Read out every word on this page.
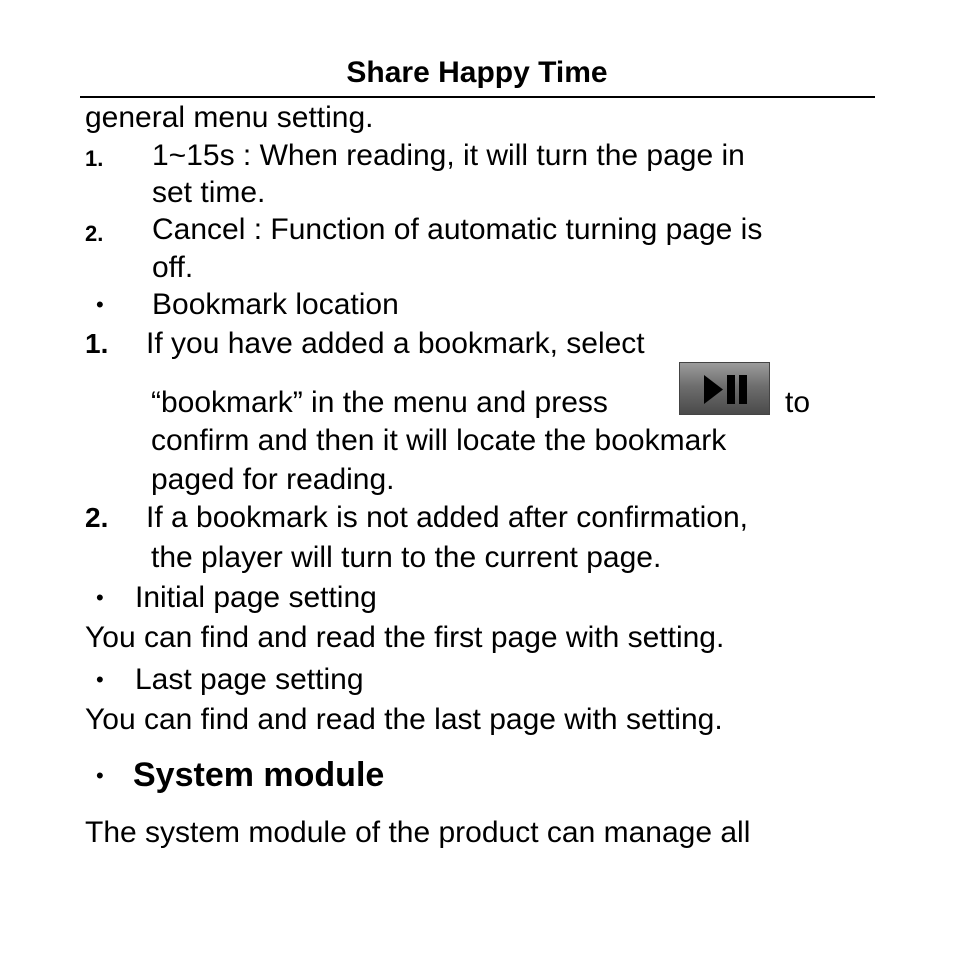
Share Happy Time
general menu setting.
1. 1~15s : When reading, it will turn the page in
set time.
2. Cancel : Function of automatic turning page is
off.
• Bookmark location
1. If you have added a bookmark, select
“bookmark” in the menu and press	to
confirm and then it will locate the bookmark
paged for reading.
2. If a bookmark is not added after confirmation,
the player will turn to the current page.
• Initial page setting
You can find and read the first page with setting.
• Last page setting
You can find and read the last page with setting.
• System module
The system module of the product can manage all
